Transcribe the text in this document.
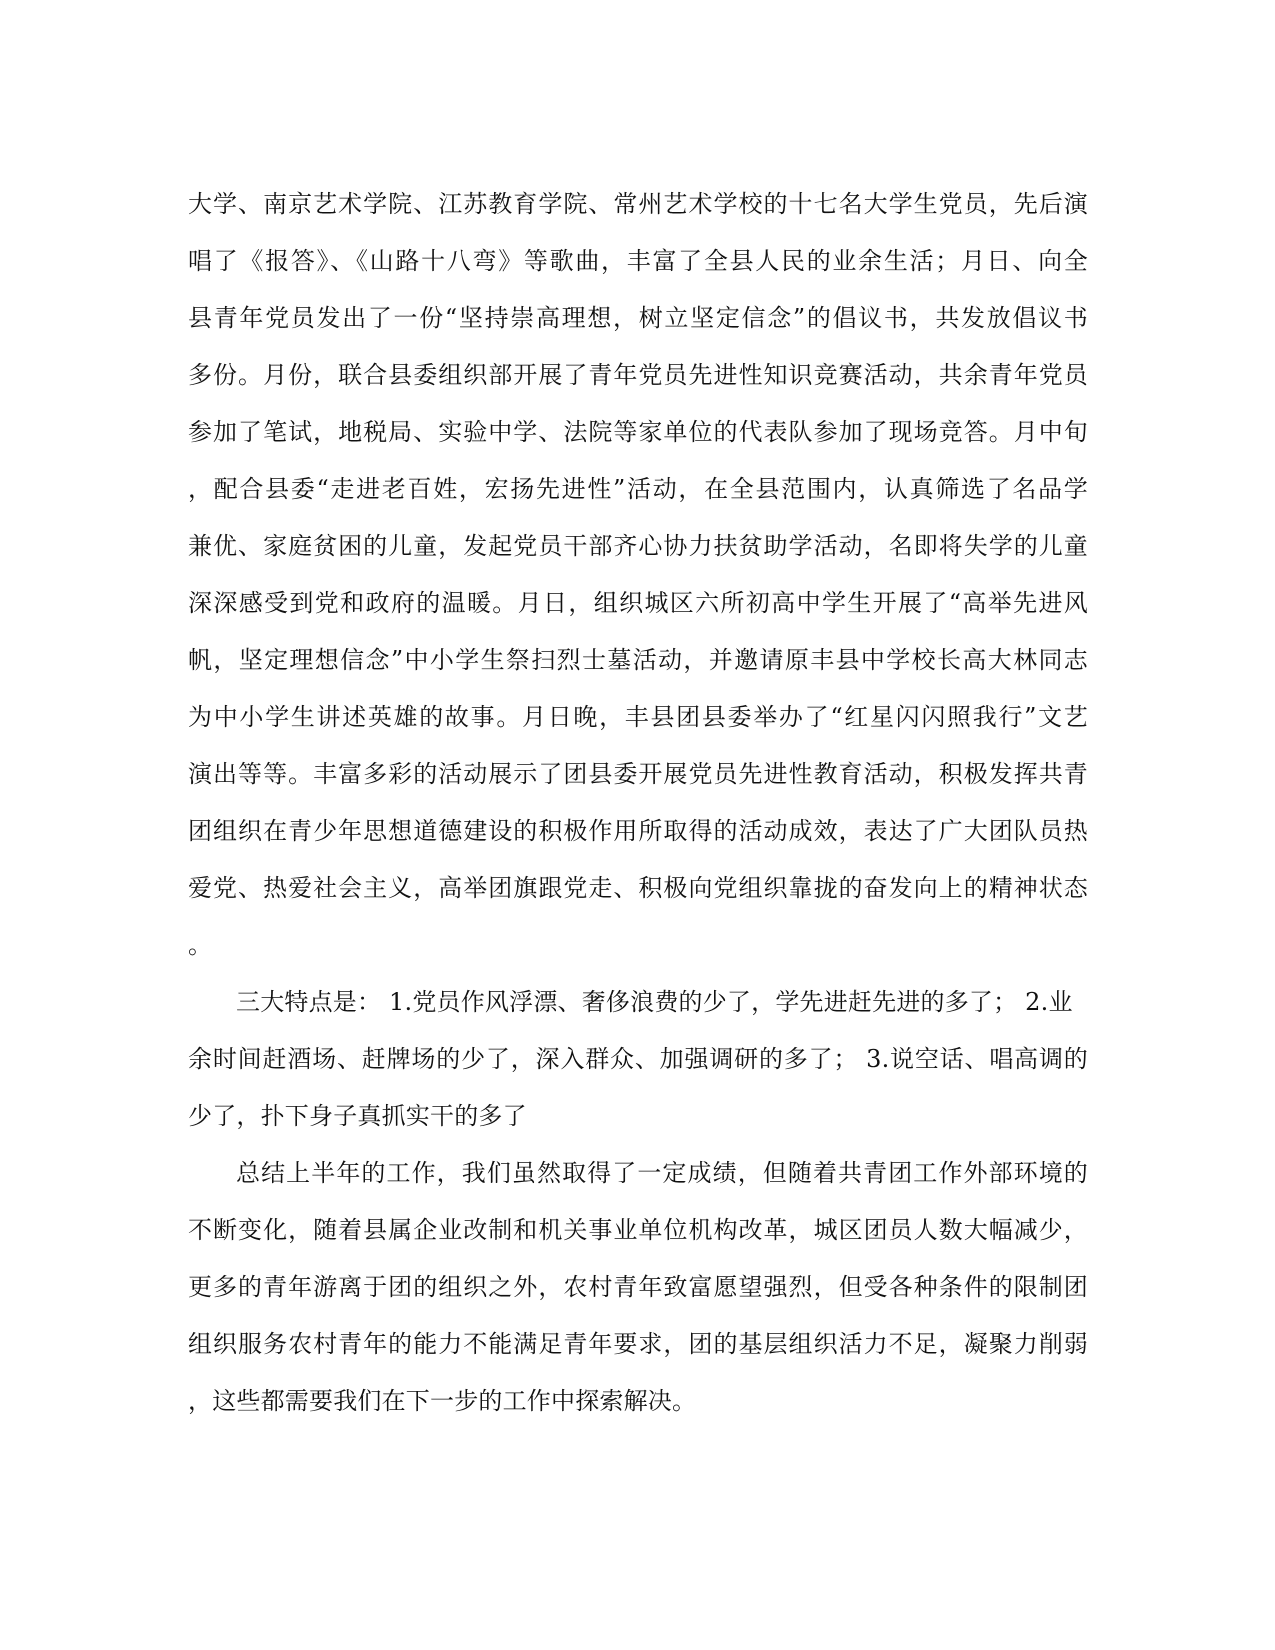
大学、南京艺术学院、江苏教育学院、常州艺术学校的十七名大学生党员，先后演

唱了《报答》、《山路十八弯》等歌曲，丰富了全县人民的业余生活；月日、向全

县青年党员发出了一份“坚持崇高理想，树立坚定信念”的倡议书，共发放倡议书

多份。月份，联合县委组织部开展了青年党员先进性知识竞赛活动，共余青年党员

参加了笔试，地税局、实验中学、法院等家单位的代表队参加了现场竞答。月中旬

，配合县委“走进老百姓，宏扬先进性”活动，在全县范围内，认真筛选了名品学

兼优、家庭贫困的儿童，发起党员干部齐心协力扶贫助学活动，名即将失学的儿童

深深感受到党和政府的温暖。月日，组织城区六所初高中学生开展了“高举先进风

帆，坚定理想信念”中小学生祭扫烈士墓活动，并邀请原丰县中学校长高大林同志

为中小学生讲述英雄的故事。月日晚，丰县团县委举办了“红星闪闪照我行”文艺

演出等等。丰富多彩的活动展示了团县委开展党员先进性教育活动，积极发挥共青

团组织在青少年思想道德建设的积极作用所取得的活动成效，表达了广大团队员热

爱党、热爱社会主义，高举团旗跟党走、积极向党组织靠拢的奋发向上的精神状态

。

三大特点是： 1.党员作风浮漂、奢侈浪费的少了，学先进赶先进的多了； 2.业

余时间赶酒场、赶牌场的少了，深入群众、加强调研的多了； 3.说空话、唱高调的

少了，扑下身子真抓实干的多了

总结上半年的工作，我们虽然取得了一定成绩，但随着共青团工作外部环境的

不断变化，随着县属企业改制和机关事业单位机构改革，城区团员人数大幅减少，

更多的青年游离于团的组织之外，农村青年致富愿望强烈，但受各种条件的限制团

组织服务农村青年的能力不能满足青年要求，团的基层组织活力不足，凝聚力削弱

，这些都需要我们在下一步的工作中探索解决。
